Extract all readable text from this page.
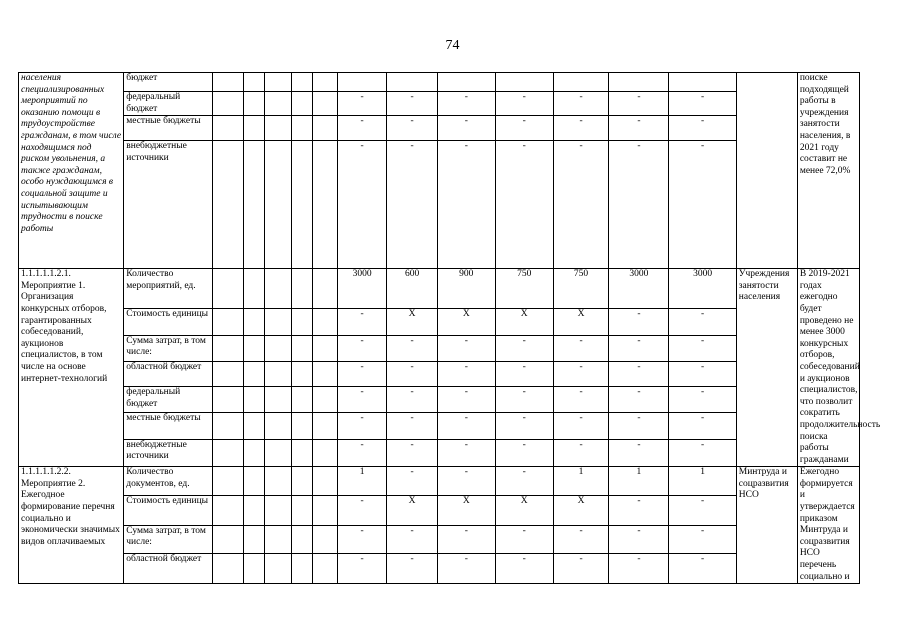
74
населения специализированных мероприятий по оказанию помощи в трудоустройстве гражданам, в том числе находящимся под риском увольнения, а также гражданам, особо нуждающимся в социальной защите и испытывающим трудности в поиске работы	бюджет														поиске подходящей работы в учреждения занятости населения, в 2021 году составит не менее 72,0%
	федеральный бюджет						-	-	-	-	-	-	-		
	местные бюджеты						-	-	-	-	-	-	-		
	внебюджетные источники						-	-	-	-	-	-	-		
1.1.1.1.1.2.1. Мероприятие 1. Организация конкурсных отборов, гарантированных собеседований, аукционов специалистов, в том числе на основе интернет-технологий	Количество мероприятий, ед.						3000	600	900	750	750	3000	3000	Учреждения занятости населения	В 2019-2021 годах ежегодно будет проведено не менее 3000 конкурсных отборов, собеседований и аукционов специалистов, что позволит сократить продолжительность поиска работы гражданами
	Стоимость единицы						-	X	X	X	X	-	-		
	Сумма затрат, в том числе:						-	-	-	-	-	-	-		
	областной бюджет						-	-	-	-	-	-	-		
	федеральный бюджет						-	-	-	-	-	-	-		
	местные бюджеты						-	-	-	-	-	-	-		
	внебюджетные источники						-	-	-	-	-	-	-		
1.1.1.1.1.2.2. Мероприятие 2. Ежегодное формирование перечня социально и экономически значимых видов оплачиваемых	Количество документов, ед.						1	-	-	-	1	1	1	Минтруда и соцразвития НСО	Ежегодно формируется и утверждается приказом Минтруда и соцразвития НСО перечень социально и
	Стоимость единицы						-	X	X	X	X	-	-		
	Сумма затрат, в том числе:						-	-	-	-	-	-	-		
	областной бюджет						-	-	-	-	-	-	-		
